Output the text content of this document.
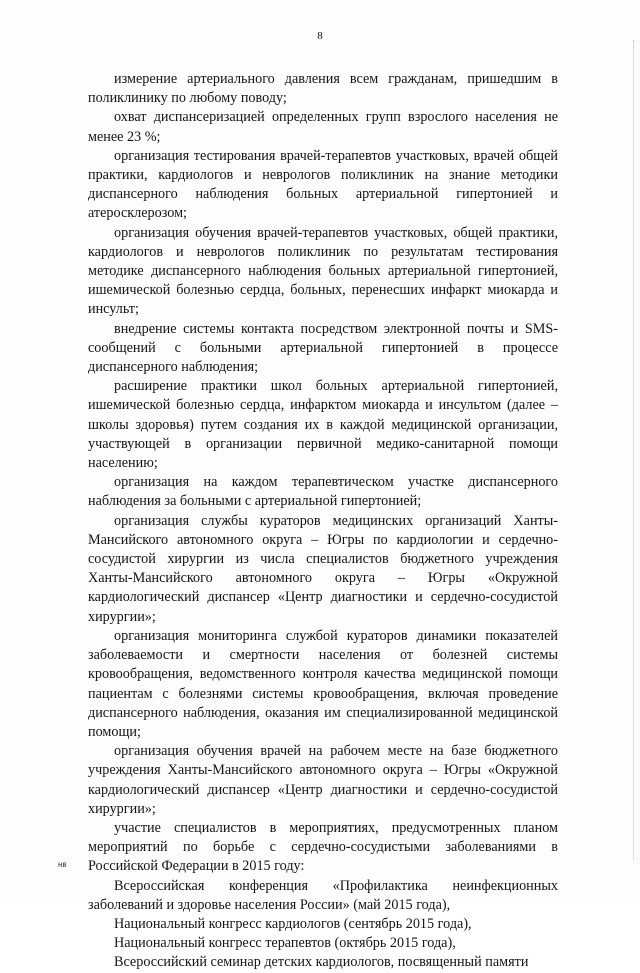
8

измерение артериального давления всем гражданам, пришедшим в поликлинику по любому поводу;

охват диспансеризацией определенных групп взрослого населения не менее 23 %;

организация тестирования врачей-терапевтов участковых, врачей общей практики, кардиологов и неврологов поликлиник на знание методики диспансерного наблюдения больных артериальной гипертонией и атеросклерозом;

организация обучения врачей-терапевтов участковых, общей практики, кардиологов и неврологов поликлиник по результатам тестирования методике диспансерного наблюдения больных артериальной гипертонией, ишемической болезнью сердца, больных, перенесших инфаркт миокарда и инсульт;

внедрение системы контакта посредством электронной почты и SMS-сообщений с больными артериальной гипертонией в процессе диспансерного наблюдения;

расширение практики школ больных артериальной гипертонией, ишемической болезнью сердца, инфарктом миокарда и инсультом (далее – школы здоровья) путем создания их в каждой медицинской организации, участвующей в организации первичной медико-санитарной помощи населению;

организация на каждом терапевтическом участке диспансерного наблюдения за больными с артериальной гипертонией;

организация службы кураторов медицинских организаций Ханты-Мансийского автономного округа – Югры по кардиологии и сердечно-сосудистой хирургии из числа специалистов бюджетного учреждения Ханты-Мансийского автономного округа – Югры «Окружной кардиологический диспансер «Центр диагностики и сердечно-сосудистой хирургии»;

организация мониторинга службой кураторов динамики показателей заболеваемости и смертности населения от болезней системы кровообращения, ведомственного контроля качества медицинской помощи пациентам с болезнями системы кровообращения, включая проведение диспансерного наблюдения, оказания им специализированной медицинской помощи;

организация обучения врачей на рабочем месте на базе бюджетного учреждения Ханты-Мансийского автономного округа – Югры «Окружной кардиологический диспансер «Центр диагностики и сердечно-сосудистой хирургии»;

участие специалистов в мероприятиях, предусмотренных планом мероприятий по борьбе с сердечно-сосудистыми заболеваниями в Российской Федерации в 2015 году:

Всероссийская конференция «Профилактика неинфекционных заболеваний и здоровье населения России» (май 2015 года),

Национальный конгресс кардиологов (сентябрь 2015 года),

Национальный конгресс терапевтов (октябрь 2015 года),

Всероссийский семинар детских кардиологов, посвященный памяти

нв
